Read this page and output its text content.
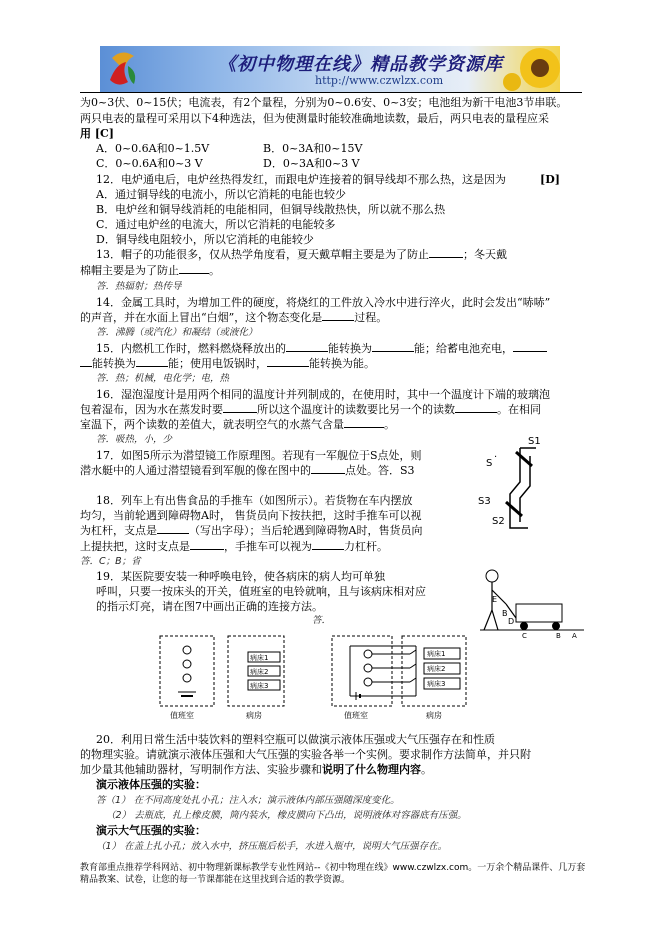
《初中物理在线》精品教学资源库
http://www.czwlzx.com
为0~3伏、0~15伏；电流表，有2个量程，分别为0~0.6安、0~3安；电池组为新干电池3节串联。
两只电表的量程可采用以下4种选法，但为使测量时能较准确地读数，最后，两只电表的量程应采
用 [C]
A．0~0.6A和0~1.5V	B．0~3A和0~15V
C．0~0.6A和0~3 V	D．0~3A和0~3 V
12．电炉通电后，电炉丝热得发红，而跟电炉连接着的铜导线却不那么热，这是因为	[D]
A．通过铜导线的电流小，所以它消耗的电能也较少
B．电炉丝和铜导线消耗的电能相同，但铜导线散热快，所以就不那么热
C．通过电炉丝的电流大，所以它消耗的电能较多
D．铜导线电阻较小，所以它消耗的电能较少
13．帽子的功能很多，仅从热学角度看，夏天戴草帽主要是为了防止	；冬天戴
棉帽主要是为了防止	。
答．热辐射；热传导
14．金属工具时，为增加工件的硬度，将烧红的工件放入冷水中进行淬火，此时会发出“哧哧”
的声音，并在水面上冒出“白烟”，这个物态变化是	过程。
答．沸腾（或汽化）和凝结（或液化）
15．内燃机工作时，燃料燃烧释放出的	能转换为	能；给蓄电池充电，
能转换为	能；使用电饭锅时，	能转换为能。
答．热；机械，电化学；电，热
16．湿泡湿度计是用两个相同的温度计并列制成的，在使用时，其中一个温度计下端的玻璃泡
包着湿布，因为水在蒸发时要	所以这个温度计的读数要比另一个的读数	。在相同
室温下，两个读数的差值大，就表明空气的水蒸气含量	。
答．吸热，小，少
17．如图5所示为潜望镜工作原理图。若现有一军舰位于S点处，则
潜水艇中的人通过潜望镜看到军舰的像在图中的	点处。答．S3
S1
S
S3
S2
·
18．列车上有出售食品的手推车（如图所示）。若货物在车内摆放
均匀，当前轮遇到障碍物A时， 售货员向下按扶把，这时手推车可以视
为杠杆，支点是	（写出字母）；当后轮遇到障碍物A时，售货员向
上提扶把，这时支点是	，手推车可以视为	力杠杆。
答．C；B；省
19．某医院要安装一种呼唤电铃，使各病床的病人均可单独
呼叫，只要一按床头的开关，值班室的电铃就响，且与该病床相对应
的指示灯亮，请在图7中画出正确的连接方法。
答．
E
B
D
C	B A
病床1
病床2
病床3
值班室	病房
病床1
病床2
病床3
值班室	病房
20．利用日常生活中装饮料的塑料空瓶可以做演示液体压强或大气压强存在和性质
的物理实验。请就演示液体压强和大气压强的实验各举一个实例。要求制作方法简单，并只附
加少量其他辅助器材，写明制作方法、实验步骤和说明了什么物理内容。
演示液体压强的实验：
答（1） 在不同高度处扎小孔；注入水；演示液体内部压强随深度变化。
（2） 去瓶底，扎上橡皮膜，筒内装水，橡皮膜向下凸出，说明液体对容器底有压强。
演示大气压强的实验：
（1） 在盖上扎小孔；放入水中，挤压瓶后松手，水进入瓶中，说明大气压强存在。
教育部重点推荐学科网站、初中物理新课标教学专业性网站--《初中物理在线》www.czwlzx.com。一万余个精品课件、几万套精品教案、试卷，让您的每一节课都能在这里找到合适的教学资源。
